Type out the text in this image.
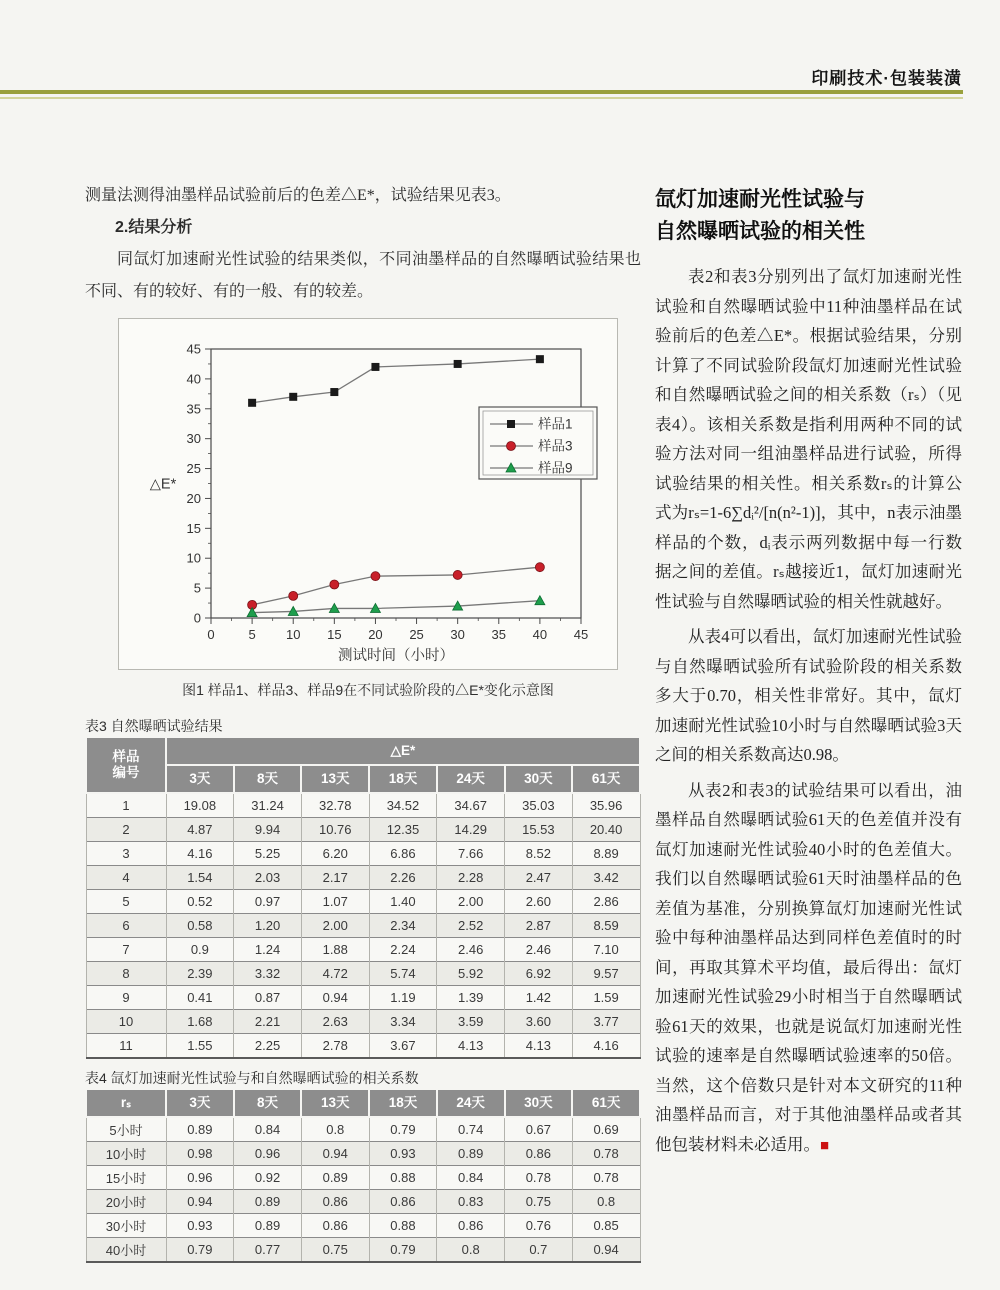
印刷技术·包装装潢

测量法测得油墨样品试验前后的色差△E*，试验结果见表3。

2.结果分析

同氙灯加速耐光性试验的结果类似，不同油墨样品的自然曝晒试验结果也不同、有的较好、有的一般、有的较差。

0
5
10
15
20
25
30
35
40
45
0	5 10 15 20 25 30 35 40 45
△E*
测试时间（小时）
样品1
样品3
样品9
图1 样品1、样品3、样品9在不同试验阶段的△E*变化示意图
表3 自然曝晒试验结果
样品
编号	△E*						
	3天	8天	13天	18天	24天	30天	61天
1	19.08	31.24	32.78	34.52	34.67	35.03	35.96
2	4.87	9.94	10.76	12.35	14.29	15.53	20.40
3	4.16	5.25	6.20	6.86	7.66	8.52	8.89
4	1.54	2.03	2.17	2.26	2.28	2.47	3.42
5	0.52	0.97	1.07	1.40	2.00	2.60	2.86
6	0.58	1.20	2.00	2.34	2.52	2.87	8.59
7	0.9	1.24	1.88	2.24	2.46	2.46	7.10
8	2.39	3.32	4.72	5.74	5.92	6.92	9.57
9	0.41	0.87	0.94	1.19	1.39	1.42	1.59
10	1.68	2.21	2.63	3.34	3.59	3.60	3.77
11	1.55	2.25	2.78	3.67	4.13	4.13	4.16
表4 氙灯加速耐光性试验与和自然曝晒试验的相关系数
rₛ	3天	8天	13天	18天	24天	30天	61天
5小时	0.89	0.84	0.8	0.79	0.74	0.67	0.69
10小时	0.98	0.96	0.94	0.93	0.89	0.86	0.78
15小时	0.96	0.92	0.89	0.88	0.84	0.78	0.78
20小时	0.94	0.89	0.86	0.86	0.83	0.75	0.8
30小时	0.93	0.89	0.86	0.88	0.86	0.76	0.85
40小时	0.79	0.77	0.75	0.79	0.8	0.7	0.94
氙灯加速耐光性试验与
自然曝晒试验的相关性

表2和表3分别列出了氙灯加速耐光性试验和自然曝晒试验中11种油墨样品在试验前后的色差△E*。根据试验结果，分别计算了不同试验阶段氙灯加速耐光性试验和自然曝晒试验之间的相关系数（rₛ）（见表4）。该相关系数是指利用两种不同的试验方法对同一组油墨样品进行试验，所得试验结果的相关性。相关系数rₛ的计算公式为rₛ=1-6∑dᵢ²/[n(n²-1)]，其中，n表示油墨样品的个数，dᵢ表示两列数据中每一行数据之间的差值。rₛ越接近1，氙灯加速耐光性试验与自然曝晒试验的相关性就越好。

从表4可以看出，氙灯加速耐光性试验与自然曝晒试验所有试验阶段的相关系数多大于0.70，相关性非常好。其中，氙灯加速耐光性试验10小时与自然曝晒试验3天之间的相关系数高达0.98。

从表2和表3的试验结果可以看出，油墨样品自然曝晒试验61天的色差值并没有氙灯加速耐光性试验40小时的色差值大。我们以自然曝晒试验61天时油墨样品的色差值为基准，分别换算氙灯加速耐光性试验中每种油墨样品达到同样色差值时的时间，再取其算术平均值，最后得出：氙灯加速耐光性试验29小时相当于自然曝晒试验61天的效果，也就是说氙灯加速耐光性试验的速率是自然曝晒试验速率的50倍。当然，这个倍数只是针对本文研究的11种油墨样品而言，对于其他油墨样品或者其他包装材料未必适用。■
